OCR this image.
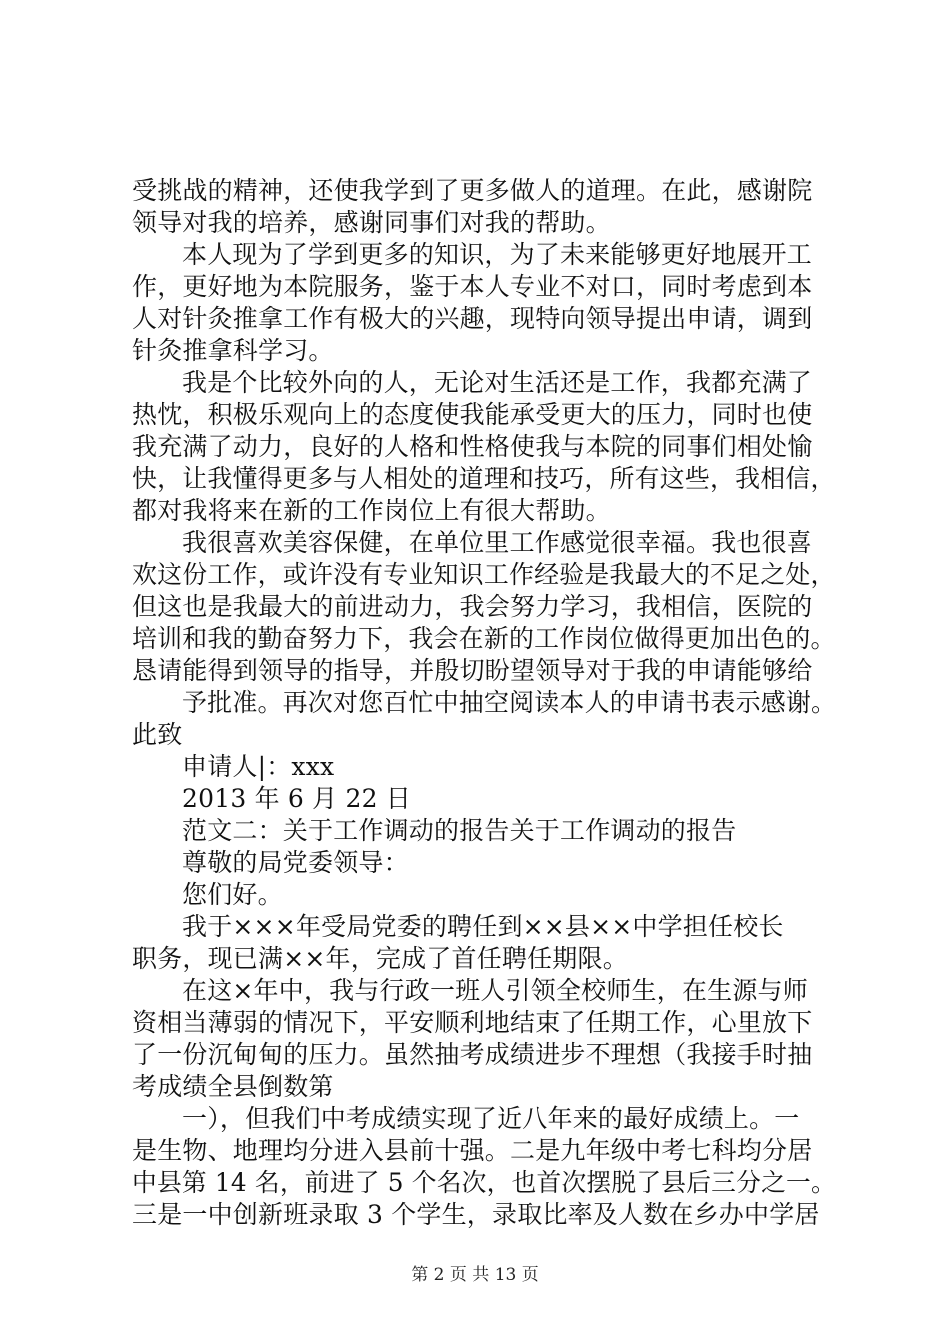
受挑战的精神，还使我学到了更多做人的道理。在此，感谢院
领导对我的培养，感谢同事们对我的帮助。
本人现为了学到更多的知识，为了未来能够更好地展开工
作，更好地为本院服务，鉴于本人专业不对口，同时考虑到本
人对针灸推拿工作有极大的兴趣，现特向领导提出申请，调到
针灸推拿科学习。
我是个比较外向的人，无论对生活还是工作，我都充满了
热忱，积极乐观向上的态度使我能承受更大的压力，同时也使
我充满了动力，良好的人格和性格使我与本院的同事们相处愉
快，让我懂得更多与人相处的道理和技巧，所有这些，我相信，
都对我将来在新的工作岗位上有很大帮助。
我很喜欢美容保健，在单位里工作感觉很幸福。我也很喜
欢这份工作，或许没有专业知识工作经验是我最大的不足之处，
但这也是我最大的前进动力，我会努力学习，我相信，医院的
培训和我的勤奋努力下，我会在新的工作岗位做得更加出色的。
恳请能得到领导的指导，并殷切盼望领导对于我的申请能够给
予批准。再次对您百忙中抽空阅读本人的申请书表示感谢。
此致
申请人|：xxx
2013 年 6 月 22 日
范文二：关于工作调动的报告关于工作调动的报告
尊敬的局党委领导：
您们好。
我于×××年受局党委的聘任到××县××中学担任校长
职务，现已满××年，完成了首任聘任期限。
在这×年中，我与行政一班人引领全校师生，在生源与师
资相当薄弱的情况下，平安顺利地结束了任期工作，心里放下
了一份沉甸甸的压力。虽然抽考成绩进步不理想（我接手时抽
考成绩全县倒数第
一），但我们中考成绩实现了近八年来的最好成绩上。一
是生物、地理均分进入县前十强。二是九年级中考七科均分居
中县第 14 名，前进了 5 个名次，也首次摆脱了县后三分之一。
三是一中创新班录取 3 个学生，录取比率及人数在乡办中学居
第 2 页 共 13 页
